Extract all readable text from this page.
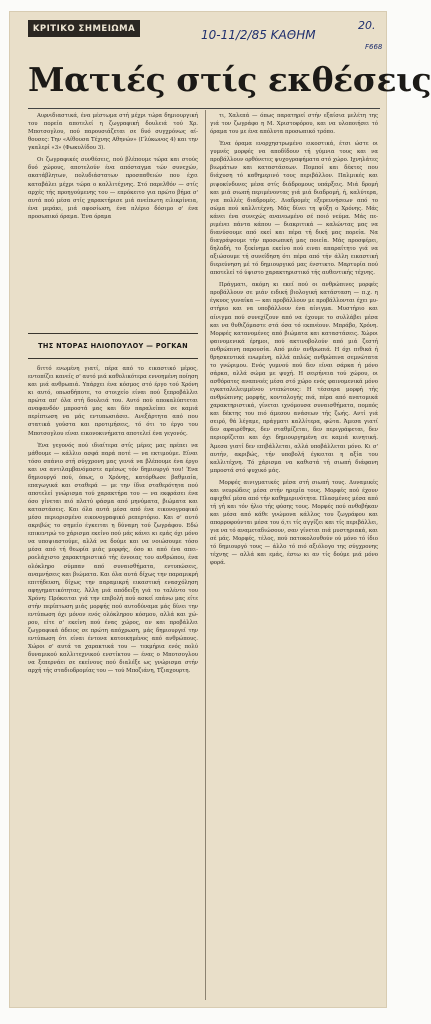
ΚΡΙΤΙΚΟ ΣΗΜΕΙΩΜΑ	10-11/2/85 ΚΑΘΗΜ
20.
F668
Ματιές στίς εκθέσεις

Αιφνιδιαστικά, ένα μέστωμα στή μέχρι τώρα δημιουργική του πορεία αποτελεί η ζωγραφική δουλειά τού Χρ. Μποτσογλου, πού παρουσιάζεται σε δυό συγχρόνως αίθουσες: Την «Αίθουσα Τέχνης Αθηνών» (Γλύκωνος 4) και την γκαλερί «3» (Φωκυλίδου 3).

Οι ζωγραφικές συνθέσεις, πού βλέπουμε τώρα και στούς δυό χώρους, αποτελούν ένα απόσταγμα τών συνεχών, ακατάβλητων, πολυδιάστατων προσπαθειών που έχει καταβάλει μέχρι τώρα ο καλλιτέχνης. Στό παρελθόν — στίς αρχές τής προηγούμενης του — επρόκειτο για πρώτο βήμα σ' αυτά πού μέσα στίς χαρακτήρισε μιά ανείπωτη ειλικρίνεια, ένα μεράκι, μιά αφοσίωση, ένα πλέριο δόσιμο σ' ένα προσωπικό όραμα. Ένα όραμα

ΤΗΣ ΝΤΟΡΑΣ ΗΛΙΟΠΟΥΛΟΥ — ΡΟΓΚΑΝ

διττό ενωμένη γιατί, πέρα από το εικαστικό μέρος, εντοπίζει κανείς σ' αυτό μιά καθολικότερα εννοημένη ποίηση και μιά ανθρωπιά. Υπάρχει ένα κόσμος στό έργο τού Χρόνη κι αυτό, οπωσδήποτε, το στοιχείο είναι πού ξεπροβάλλει πρώτα απ' όλα στή δουλειά του. Αυτό πού αποκαλύπτεται αναφανδόν μπροστά μας και δέν παραλείπει σε καμιά περίπτωση να μάς εντυπωσιάσει. Ανεξάρτητα από που στατικά γούστα και προτιμήσεις, τό ότι το έργο του Μποτσογλου είναι εικονοκινήματα αποτελεί ένα γεγονός.

Ένα γεγονός πού ιδιαίτερα στίς μέρες μας πρέπει να μάθουμε — κάλλιο ασφά παρά ποτέ — να εκτιμούμε. Είναι τόσο σπάνιο στή σύγχρονη μας γενιά να βλέπουμε ένα έργο και να αντιλαμβανόμαστε αμέσως τόν δημιουργό του! Ένα δημιουργό πού, όπως, ο Χρόνης, κατόρθωσε βαθμιαία, επαγωγικά και σταθερά — με την ίδια σταθερότητα πού αποτελεί γνώρισμα τού χαρακτήρα του — να εκφράσει ένα όσο γίνεται πιό πλατύ φάσμα από μηνύματα, βιώματα και καταστάσεις. Και όλα αυτά μέσα από ένα εικονογραφικό μέσο περιορισμένο εικονογραφικό ρεπερτόριο. Και σ' αυτό ακριβώς το σημείο έγκειται η δύναμη τού ζωγράφου. Εδώ επικεντρώ το χάρισμα εκείνο πού μάς κάνει κι εμάς όχι μόνο να υποψιαστούμε, αλλά να δούμε και να νοιώσουμε τόσο μέσα από τή θεωρία μιάς μορφής, όσο κι από ένα απειροελάχιστο χαρακτηριστικό τής έννοιας του ανθρώπου, ένα ολόκληρο σύμπαν από συναισθήματα, εντυπώσεις, αναμνήσεις και βιώματα. Και όλα αυτά δίχως την παραμικρή επιτήδευση, δίχως την παραμικρή εικαστική ενασχόληση αφηγηματικότητας. Άλλη μιά απόδειξη γιά το ταλέντο του Χρόνη: Πρόκειται γιά την επιβολή πού ασκεί επάνω μας είτε στήν περίπτωση μιάς μορφής πού αυτοδύναμα μάς δίνει την εντύπωση όχι μόνον ενός ολόκληρου κόσμου, αλλά και χώρου, είτε σ' εκείνη πού ένας χώρος, αν και προβάλλει ζωγραφικά άδειος σε πρώτη απόχρωση, μάς δημιουργεί την εντύπωση ότι είναι έντονα κατοικημένος από ανθρώπους. Χώροι σ' αυτά τα χαρακτικά του — τεκμήρια ενός πολύ δυναμικού καλλιτεχνικού ενστίκτου — ένας ο Μποτσογλου να ξεπερνάει σε εκείνους πού διαλέξε ως γνώρισμα στήν αρχή τής σταδιοδρομίας του — τού Μποζιάνη, Τζιαχουρτη.

τι, Χαλεπά — όπως παρατηρεί στήν εξαίσια μελέτη της γιά τον ζωγράφο η Μ. Χριστοφόρου, και να υλοποιήσει τό όραμα του με ένα απόλυτα προσωπικό τρόπο.

Ένα όραμα ενορχηστρωμένο εικοστικά, έτσι ώστε οι γυμνές μορφές να αποδίδουν τή γύμνια τους και να προβάλλουν ορθόνετες ψυχογραφήματα στό χώρο. Ιχνηλάτες βιωμάτων και καταστάσεων. Πομποί και δέκτες που διάχυση τό καθημερινό τους περιβάλλον. Παλμικές και ριψοκίνδυνες μέσα στίς διάδρομους υπάρξεις. Μιά δρομή και μιά σιωπή περιμένοντας γιά μιά διαδρομή, ή, καλύτερα, για πολλές διαδρομές. Διαδρομές εξερευνήσεων από το σώμα πού καλλιτέχνη. Μάς δίνει τη ψύξη ο Χρόνης. Μάς κάνει ένα συνεχώς ανανεωμένο σέ ποιό νεύμα. Μάς περιμένει πάντα κάπου — διακριτικά — καλώντας μας να διανύσουμε από εκεί και πέρα τή δική μας πορεία. Να διαγράψουμε τήν προσωπική μας ποιεία. Μάς προσφέρει, δηλαδή, το ξεκίνημα εκείνο πού ειναι απαραίτητο γιά να αξιώσουμε τή συνείδηση ότι πέρα από τήν άλλη εικαστική διερεύνηση μέ τό δημιουργικό μας ένστικτο. Μαρτυρία πού αποτελεί τό ύψιστο χαρακτηριστικό τής αυθεντικής τέχνης.

Πράγματι, ακόμη κι εκεί πού οι ανθρώπινες μορφές προβάλλουν σε μιάν ειδική βιολογική κατάσταση — π.χ. η έγκυος γυναίκα — και προβάλλουν με προβάλλονται έχει μυστήριο και να υποβάλλουν ένα αίνιγμα. Μυστήριο και αίνιγμα πού συνεχίζουν από να έχουμε το συλλάβει μέσα και να θυθιζόμαστε στά όσα τό εκπνέουν. Μπράβο, Χρόνη. Μορφές κατανομένες από βιώματα και καταστάσεις. Χώροι φαινομενικά έρημοι, πού ακτινοβολούν από μιά ζεστή ανθρώπινη παρουσία. Από μιάν ανθρωπιά. Η όχι πιθικά ή θρησκευτικά ενωμένη, αλλά απλώς ανθρώπινα σεμνώτατα το γνώριμου. Ενός γυμνού πού δεν είναι σάρκα ή μόνο σάρκα, αλλά σώμα με ψυχή. Η σειρήνεια τού χώρου, οι ασθόρατες αναπνοές μέσα στό χώρο ενός φαινομενικά μόνο εγκαταλελειμμένου ντεπώτους: Η τέσσερα μορφή τής ανθρώπινης μορφής, κονταλογής πιά, πέρα από ανατομικά χαρακτηριστικά, γίνεται ιχνόμουσα συναισθήματα, πομπός και δέκτης του πιό άμεσου ανάσεων τής ζωής. Αντί γιά σειρό, θά λέγαμε, πράγματι καλλίτερα, φώτα. Άμεσα γιατί δεν αφαιρέθηκε, δεν σταθμίζεται, δεν περιγράφεται, δεν περιορίζεται και όχι δημιουργημένη σε καμιά κινητική. Άμεσα γιατί δεν επιβάλλεται, αλλά υποβάλλεται μόνο. Κι σ' αυτήν, ακριβώς, τήν υποβολή έγκειται η αξία του καλλιτέχνη. Τό χάρισμα να καθιστά τή σιωπή διάφανη μπροστά στό ψυχικό μάς.

Μορφές αινιγματικές μέσα στή σιωπή τους. Δυναμικές και νευρώδεις μέσα στήν ηρεμία τους. Μορφές πού έχουν αφιχθεί μέσα από τήν καθημερινότητα. Πλασμένες μέσα από τή γή και τόν ήλιο τής φύσης τους. Μορφές πού ανθοβήκαν και μέσα από κάθε γνώμονα κάλλος του ζωγράφου και απορροφούνται μέσα του ό,τι τίς αγγίζει και τίς περιβάλλει, για να τό αναμεταδιώσουν, σαν γίνεται πιά μυστηριακά, και σέ μάς. Μορφές, τέλος, πού πατοκολουθούν ού μόνο τό ίδιο τό δημιουργό τους — άλλο τό πιό αξιόλογο της σύγχρονης τέχνης — αλλά και εμάς, έστω κι αν τίς δούμε μιά μόνο φορά.
